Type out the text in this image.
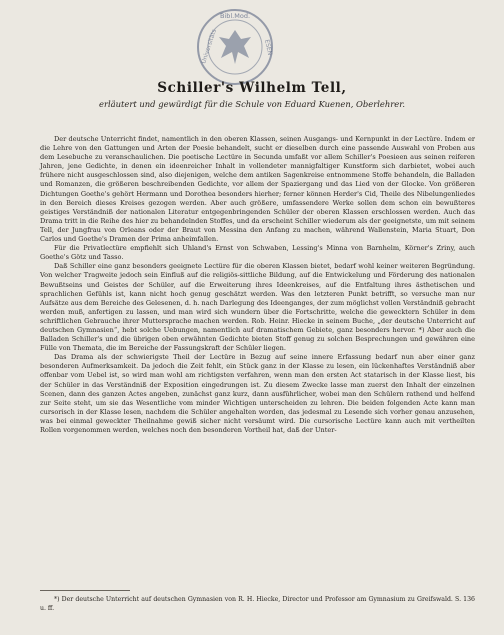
Bibl.Mod.
Universitäts	ESEN
Schiller's Wilhelm Tell,
erläutert und gewürdigt für die Schule von Eduard Kuenen, Oberlehrer.

Der deutsche Unterricht findet, namentlich in den oberen Klassen, seinen Ausgangs- und Kernpunkt in der Lectüre. Indem er die Lehre von den Gattungen und Arten der Poesie behandelt, sucht er dieselben durch eine passende Auswahl von Proben aus dem Lesebuche zu veranschaulichen. Die poetische Lectüre in Secunda umfaßt vor allem Schiller's Poesieen aus seinen reiferen Jahren, jene Gedichte, in denen ein ideenreicher Inhalt in vollendeter mannigfaltiger Kunstform sich darbietet, wobei auch frühere nicht ausgeschlossen sind, also diejenigen, welche dem antiken Sagenkreise entnommene Stoffe behandeln, die Balladen und Romanzen, die größeren beschreibenden Gedichte, vor allem der Spaziergang und das Lied von der Glocke. Von größeren Dichtungen Goethe's gehört Hermann und Dorothea besonders hierher; ferner können Herder's Cid, Theile des Nibelungenliedes in den Bereich dieses Kreises gezogen werden. Aber auch größere, umfassendere Werke sollen dem schon ein bewußteres geistiges Verständniß der nationalen Literatur entgegenbringenden Schüler der oberen Klassen erschlossen werden. Auch das Drama tritt in die Reihe des hier zu behandelnden Stoffes, und da erscheint Schiller wiederum als der geeignetste, um mit seinem Tell, der Jungfrau von Orleans oder der Braut von Messina den Anfang zu machen, während Wallenstein, Maria Stuart, Don Carlos und Goethe's Dramen der Prima anheimfallen.

Für die Privatlectüre empfiehlt sich Uhland's Ernst von Schwaben, Lessing's Minna von Barnhelm, Körner's Zriny, auch Goethe's Götz und Tasso.

Daß Schiller eine ganz besonders geeignete Lectüre für die oberen Klassen bietet, bedarf wohl keiner weiteren Begründung. Von welcher Tragweite jedoch sein Einfluß auf die religiös-sittliche Bildung, auf die Entwickelung und Förderung des nationalen Bewußtseins und Geistes der Schüler, auf die Erweiterung ihres Ideenkreises, auf die Entfaltung ihres ästhetischen und sprachlichen Gefühls ist, kann nicht hoch genug geschätzt werden. Was den letzteren Punkt betrifft, so versuche man nur Aufsätze aus dem Bereiche des Gelesenen, d. h. nach Darlegung des Ideenganges, der zum möglichst vollen Verständniß gebracht werden muß, anfertigen zu lassen, und man wird sich wundern über die Fortschritte, welche die gewecktern Schüler in dem schriftlichen Gebrauche ihrer Muttersprache machen werden. Rob. Heinr. Hiecke in seinem Buche, „der deutsche Unterricht auf deutschen Gymnasien“, hebt solche Uebungen, namentlich auf dramatischem Gebiete, ganz besonders hervor. *) Aber auch die Balladen Schiller's und die übrigen oben erwähnten Gedichte bieten Stoff genug zu solchen Besprechungen und gewähren eine Fülle von Themata, die im Bereiche der Fassungskraft der Schüler liegen.

Das Drama als der schwierigste Theil der Lectüre in Bezug auf seine innere Erfassung bedarf nun aber einer ganz besonderen Aufmerksamkeit. Da jedoch die Zeit fehlt, ein Stück ganz in der Klasse zu lesen, ein lückenhaftes Verständniß aber offenbar vom Uebel ist, so wird man wohl am richtigsten verfahren, wenn man den ersten Act statarisch in der Klasse liest, bis der Schüler in das Verständniß der Exposition eingedrungen ist. Zu diesem Zwecke lasse man zuerst den Inhalt der einzelnen Scenen, dann des ganzen Actes angeben, zunächst ganz kurz, dann ausführlicher, wobei man den Schülern rathend und helfend zur Seite steht, um sie das Wesentliche vom minder Wichtigen unterscheiden zu lehren. Die beiden folgenden Acte kann man cursorisch in der Klasse lesen, nachdem die Schüler angehalten worden, das jedesmal zu Lesende sich vorher genau anzusehen, was bei einmal geweckter Theilnahme gewiß sicher nicht versäumt wird. Die cursorische Lectüre kann auch mit vertheilten Rollen vorgenommen werden, welches noch den besonderen Vortheil hat, daß der Unter-

*) Der deutsche Unterricht auf deutschen Gymnasien von R. H. Hiecke, Director und Professor am Gymnasium zu Greifswald. S. 136 u. ff.
